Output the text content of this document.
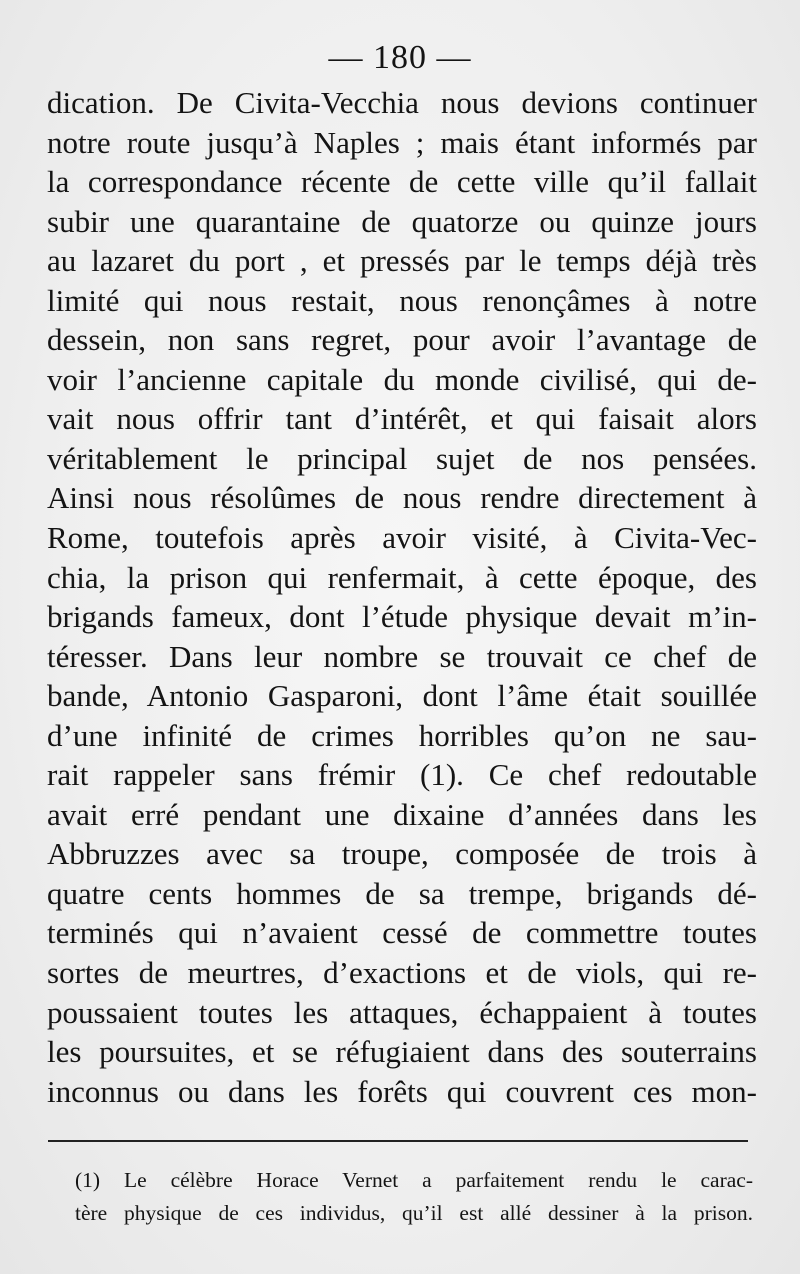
— 180 —
dication. De Civita-Vecchia nous devions continuer
notre route jusqu’à Naples ; mais étant informés par
la correspondance récente de cette ville qu’il fallait
subir une quarantaine de quatorze ou quinze jours
au lazaret du port , et pressés par le temps déjà très
limité qui nous restait, nous renonçâmes à notre
dessein, non sans regret, pour avoir l’avantage de
voir l’ancienne capitale du monde civilisé, qui de-
vait nous offrir tant d’intérêt, et qui faisait alors
véritablement le principal sujet de nos pensées.
Ainsi nous résolûmes de nous rendre directement à
Rome, toutefois après avoir visité, à Civita-Vec-
chia, la prison qui renfermait, à cette époque, des
brigands fameux, dont l’étude physique devait m’in-
téresser. Dans leur nombre se trouvait ce chef de
bande, Antonio Gasparoni, dont l’âme était souillée
d’une infinité de crimes horribles qu’on ne sau-
rait rappeler sans frémir (1). Ce chef redoutable
avait erré pendant une dixaine d’années dans les
Abbruzzes avec sa troupe, composée de trois à
quatre cents hommes de sa trempe, brigands dé-
terminés qui n’avaient cessé de commettre toutes
sortes de meurtres, d’exactions et de viols, qui re-
poussaient toutes les attaques, échappaient à toutes
les poursuites, et se réfugiaient dans des souterrains
inconnus ou dans les forêts qui couvrent ces mon-
(1) Le célèbre Horace Vernet a parfaitement rendu le carac-
tère physique de ces individus, qu’il est allé dessiner à la prison.
